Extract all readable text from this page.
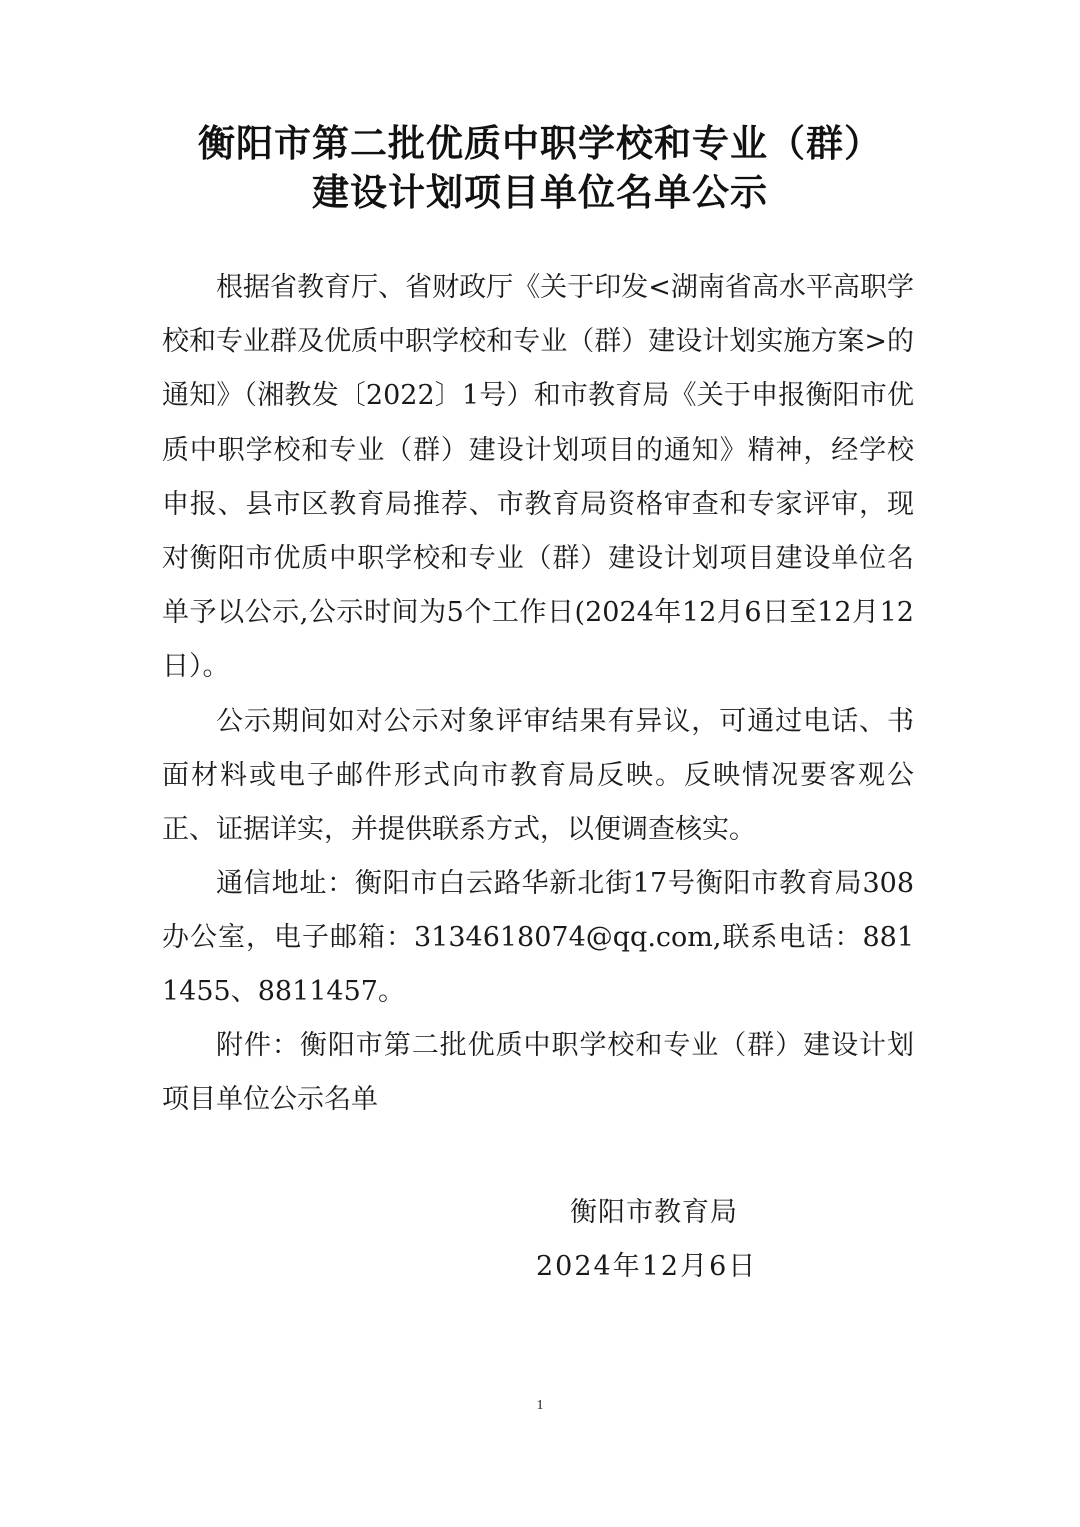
衡阳市第二批优质中职学校和专业（群）
建设计划项目单位名单公示

根据省教育厅、省财政厅《关于印发<湖南省高水平高职学校和专业群及优质中职学校和专业（群）建设计划实施方案>的通知》（湘教发〔2022〕1号）和市教育局《关于申报衡阳市优质中职学校和专业（群）建设计划项目的通知》精神，经学校申报、县市区教育局推荐、市教育局资格审查和专家评审，现对衡阳市优质中职学校和专业（群）建设计划项目建设单位名单予以公示,公示时间为5个工作日(2024年12月6日至12月12日）。

公示期间如对公示对象评审结果有异议，可通过电话、书面材料或电子邮件形式向市教育局反映。反映情况要客观公正、证据详实，并提供联系方式，以便调查核实。

通信地址：衡阳市白云路华新北街17号衡阳市教育局308办公室，电子邮箱：3134618074@qq.com,联系电话：8811455、8811457。

附件：衡阳市第二批优质中职学校和专业（群）建设计划项目单位公示名单

衡阳市教育局
2024年12月6日
1
